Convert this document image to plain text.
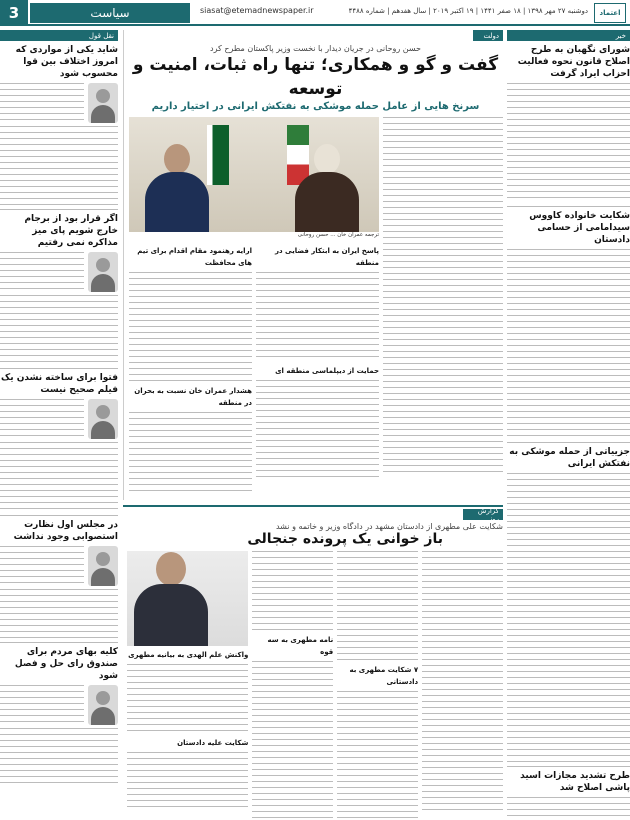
3	سیاست	siasat@etemadnewspaper.ir	دوشنبه ۲۷ مهر ۱۳۹۸ | ۱۸ صفر ۱۴۴۱ | ۱۹ اکتبر ۲۰۱۹ | سال هفدهم | شماره ۴۴۸۸	اعتماد
خبر
شورای نگهبان به طرح اصلاح قانون نحوه فعالیت احزاب ایراد گرفت
شکایت خانواده کاووس سیدامامی از حسامی دادستان
جزییاتی از حمله موشکی به نفتکش ایرانی
طرح تشدید مجازات اسید پاشی اصلاح شد
دولت
حسن روحانی در جریان دیدار با نخست وزیر پاکستان مطرح کرد
گفت و گو و همکاری؛ تنها راه ثبات، امنیت و توسعه
سرنخ هایی از عامل حمله موشکی به نفتکش ایرانی در اختیار داریم
ترجمه عمران خان ... حسن روحانی
پاسخ ایران به ابتکار فضایی در منطقه
حمایت از دیپلماسی منطقه ای
ارایه رهنمود مقام اقدام برای تیم های محافظت
هشدار عمران خان نسبت به بحران در منطقه
گزارش روز
شکایت علی مطهری از دادستان مشهد در دادگاه وزیر و خاتمه و نشد
باز خوانی یک پرونده جنجالی
۷ شکایت مطهری به دادستانی
نامه مطهری به سه قوه
واکنش علم الهدی به بیانیه مطهری
شکایت علیه دادستان
نقل قول
شاید یکی از مواردی که امروز اختلاف بین قوا محسوب شود
اگر قرار بود از برجام خارج شویم پای میز مذاکره نمی رفتیم
فتوا برای ساخته نشدن یک فیلم صحیح نیست
در مجلس اول نظارت استصوابی وجود نداشت
کلیه بهای مردم برای صندوق رای حل و فصل شود
